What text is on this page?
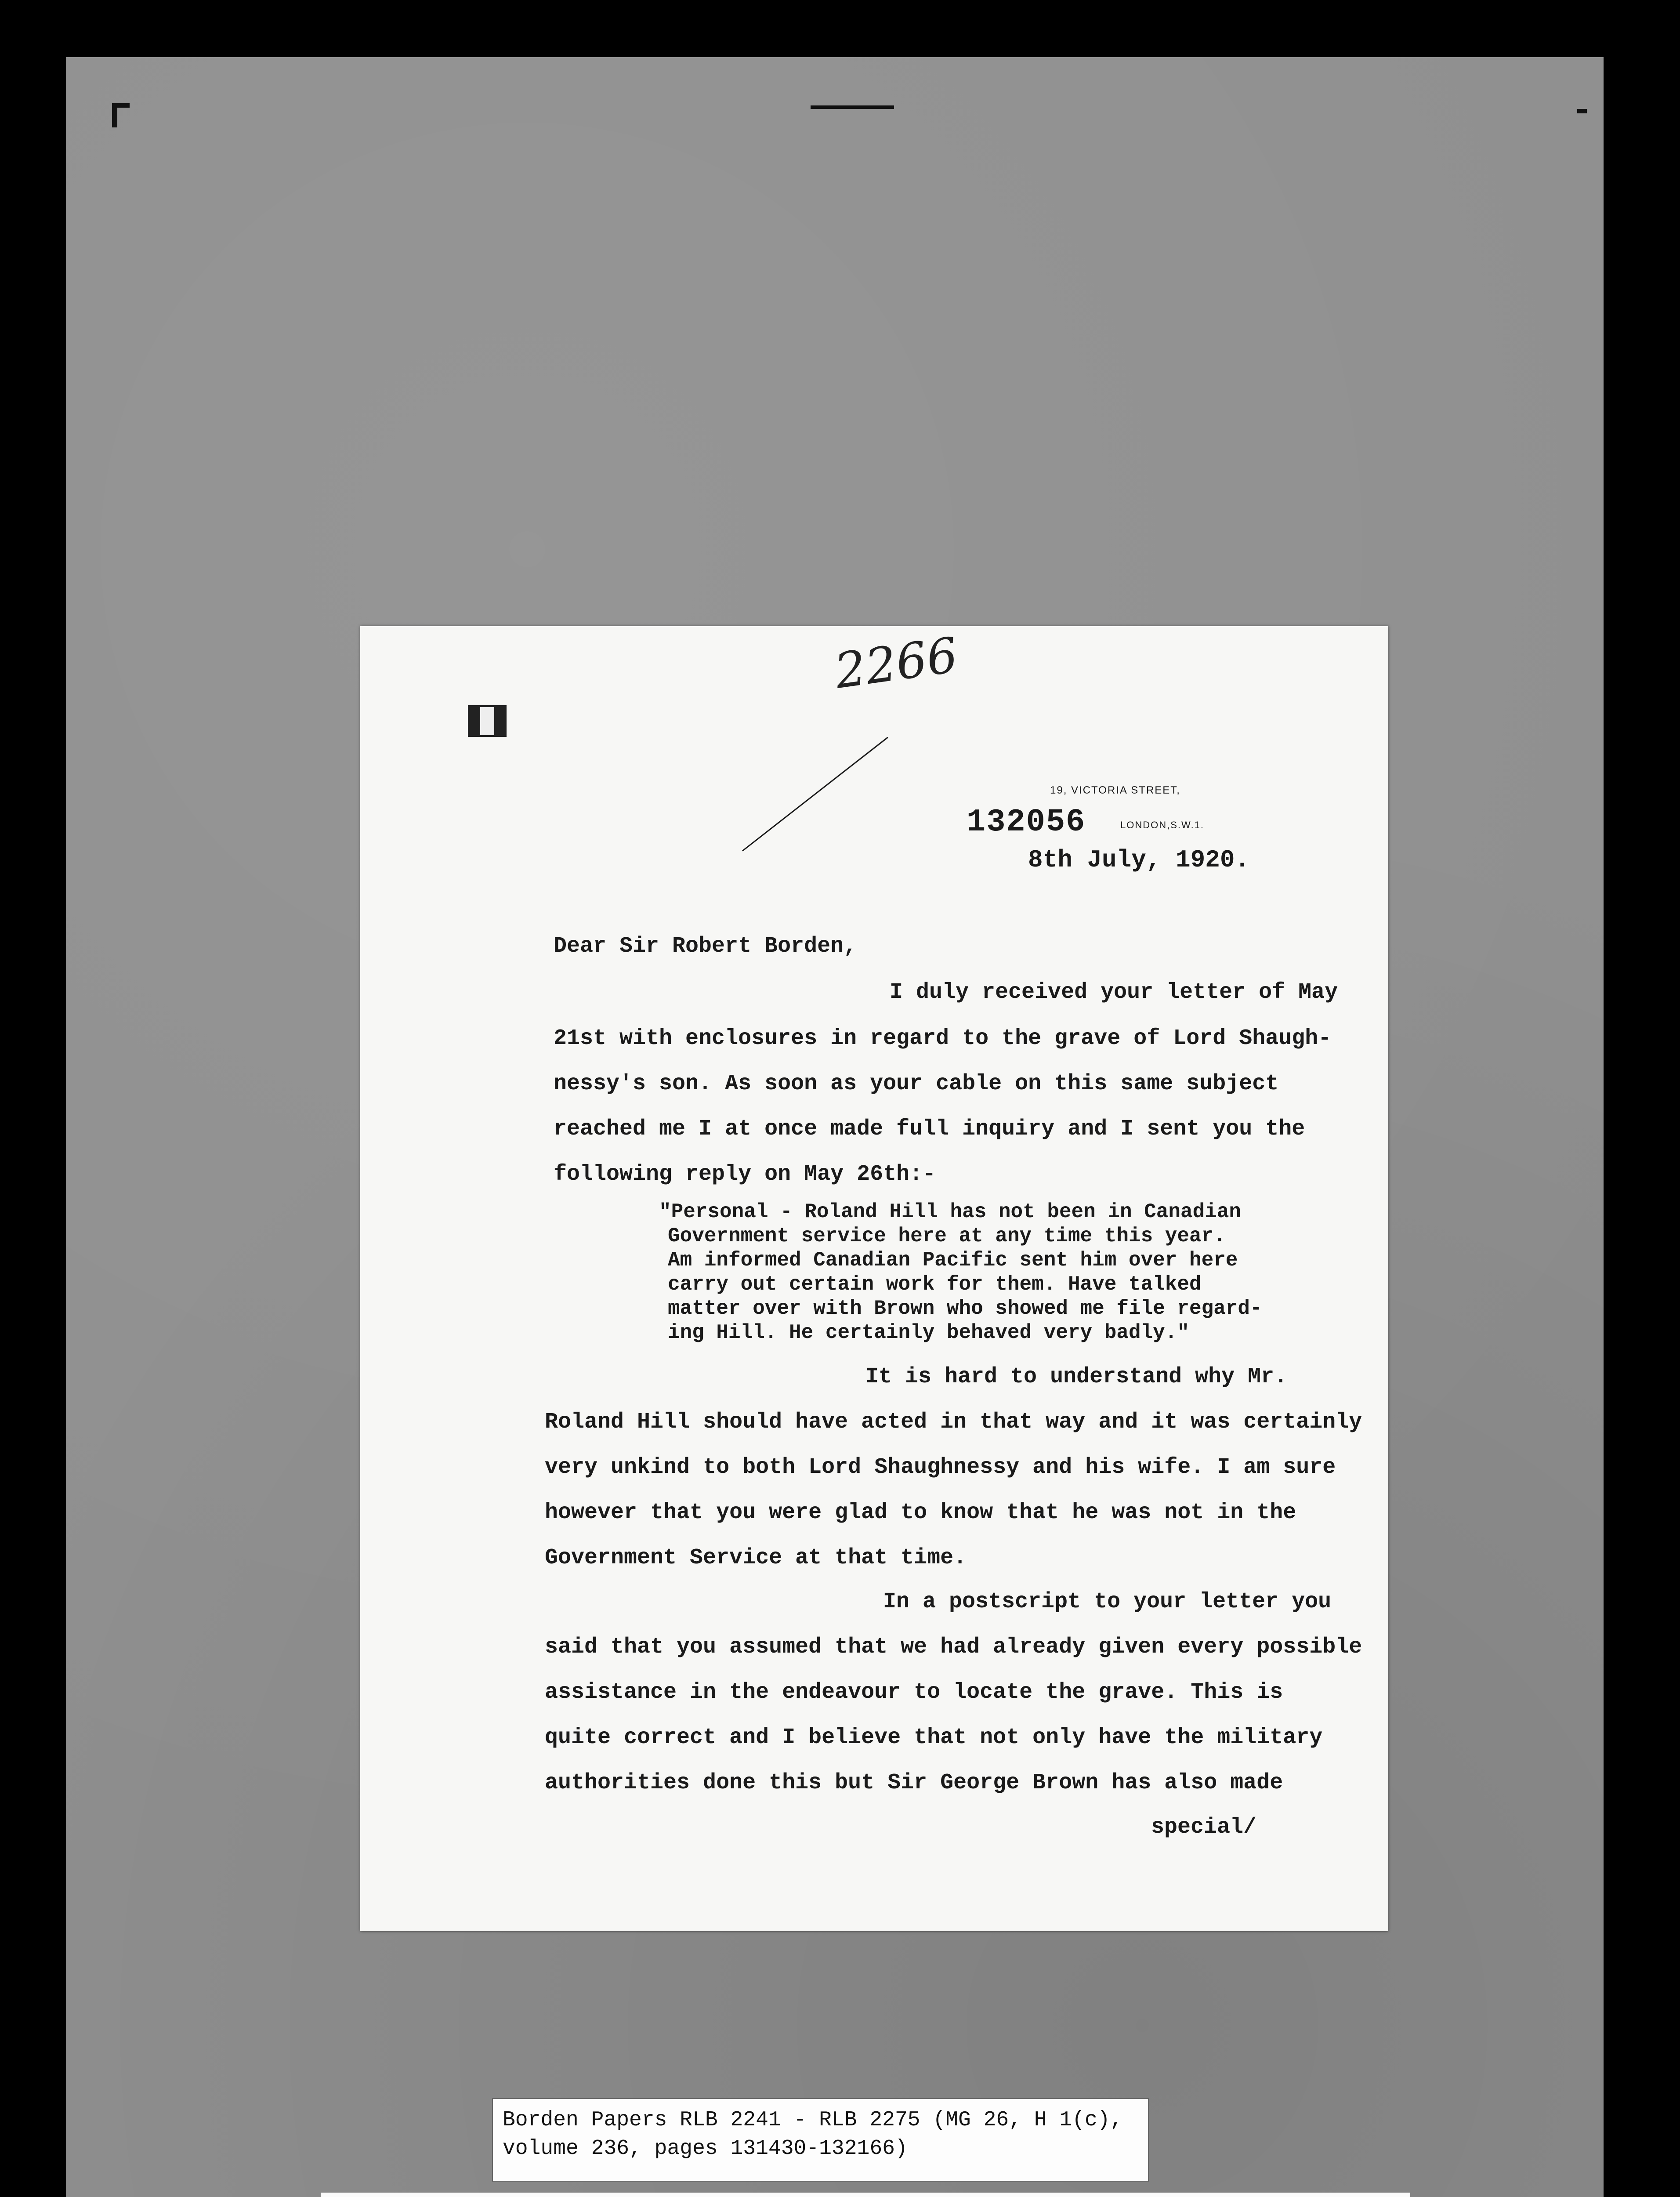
2266
19, VICTORIA STREET,
LONDON,S.W.1.
132056
8th July, 1920.
Dear Sir Robert Borden,
I duly received your letter of May
21st with enclosures in regard to the grave of Lord Shaugh-
nessy's son. As soon as your cable on this same subject
reached me I at once made full inquiry and I sent you the
following reply on May 26th:-
"Personal - Roland Hill has not been in Canadian
Government service here at any time this year.
Am informed Canadian Pacific sent him over here
carry out certain work for them. Have talked
matter over with Brown who showed me file regard-
ing Hill. He certainly behaved very badly."
It is hard to understand why Mr.
Roland Hill should have acted in that way and it was certainly
very unkind to both Lord Shaughnessy and his wife. I am sure
however that you were glad to know that he was not in the
Government Service at that time.
In a postscript to your letter you
said that you assumed that we had already given every possible
assistance in the endeavour to locate the grave. This is
quite correct and I believe that not only have the military
authorities done this but Sir George Brown has also made
special/
Borden Papers RLB 2241 - RLB 2275 (MG 26, H 1(c),
volume 236, pages 131430-132166)
